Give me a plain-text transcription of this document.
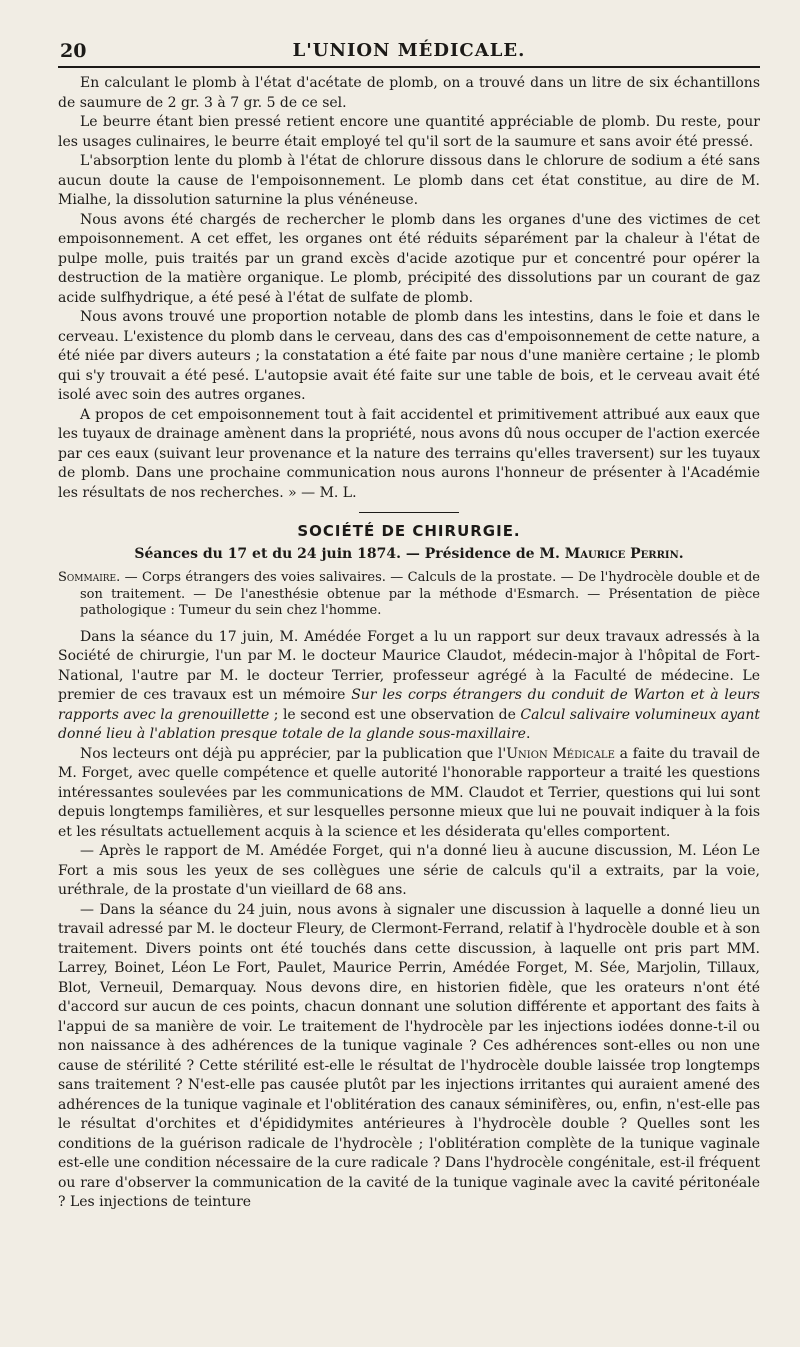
20	L'UNION MÉDICALE.

En calculant le plomb à l'état d'acétate de plomb, on a trouvé dans un litre de six échantillons de saumure de 2 gr. 3 à 7 gr. 5 de ce sel.

Le beurre étant bien pressé retient encore une quantité appréciable de plomb. Du reste, pour les usages culinaires, le beurre était employé tel qu'il sort de la saumure et sans avoir été pressé.

L'absorption lente du plomb à l'état de chlorure dissous dans le chlorure de sodium a été sans aucun doute la cause de l'empoisonnement. Le plomb dans cet état constitue, au dire de M. Mialhe, la dissolution saturnine la plus vénéneuse.

Nous avons été chargés de rechercher le plomb dans les organes d'une des victimes de cet empoisonnement. A cet effet, les organes ont été réduits séparément par la chaleur à l'état de pulpe molle, puis traités par un grand excès d'acide azotique pur et concentré pour opérer la destruction de la matière organique. Le plomb, précipité des dissolutions par un courant de gaz acide sulfhydrique, a été pesé à l'état de sulfate de plomb.

Nous avons trouvé une proportion notable de plomb dans les intestins, dans le foie et dans le cerveau. L'existence du plomb dans le cerveau, dans des cas d'empoisonnement de cette nature, a été niée par divers auteurs ; la constatation a été faite par nous d'une manière certaine ; le plomb qui s'y trouvait a été pesé. L'autopsie avait été faite sur une table de bois, et le cerveau avait été isolé avec soin des autres organes.

A propos de cet empoisonnement tout à fait accidentel et primitivement attribué aux eaux que les tuyaux de drainage amènent dans la propriété, nous avons dû nous occuper de l'action exercée par ces eaux (suivant leur provenance et la nature des terrains qu'elles traversent) sur les tuyaux de plomb. Dans une prochaine communication nous aurons l'honneur de présenter à l'Académie les résultats de nos recherches. » — M. L.

SOCIÉTÉ DE CHIRURGIE.
Séances du 17 et du 24 juin 1874. — Présidence de M. Maurice Perrin.

Sommaire. — Corps étrangers des voies salivaires. — Calculs de la prostate. — De l'hydrocèle double et de son traitement. — De l'anesthésie obtenue par la méthode d'Esmarch. — Présentation de pièce pathologique : Tumeur du sein chez l'homme.

Dans la séance du 17 juin, M. Amédée Forget a lu un rapport sur deux travaux adressés à la Société de chirurgie, l'un par M. le docteur Maurice Claudot, médecin-major à l'hôpital de Fort-National, l'autre par M. le docteur Terrier, professeur agrégé à la Faculté de médecine. Le premier de ces travaux est un mémoire Sur les corps étrangers du conduit de Warton et à leurs rapports avec la grenouillette ; le second est une observation de Calcul salivaire volumineux ayant donné lieu à l'ablation presque totale de la glande sous-maxillaire.

Nos lecteurs ont déjà pu apprécier, par la publication que l'Union Médicale a faite du travail de M. Forget, avec quelle compétence et quelle autorité l'honorable rapporteur a traité les questions intéressantes soulevées par les communications de MM. Claudot et Terrier, questions qui lui sont depuis longtemps familières, et sur lesquelles personne mieux que lui ne pouvait indiquer à la fois et les résultats actuellement acquis à la science et les désiderata qu'elles comportent.

— Après le rapport de M. Amédée Forget, qui n'a donné lieu à aucune discussion, M. Léon Le Fort a mis sous les yeux de ses collègues une série de calculs qu'il a extraits, par la voie, uréthrale, de la prostate d'un vieillard de 68 ans.

— Dans la séance du 24 juin, nous avons à signaler une discussion à laquelle a donné lieu un travail adressé par M. le docteur Fleury, de Clermont-Ferrand, relatif à l'hydrocèle double et à son traitement. Divers points ont été touchés dans cette discussion, à laquelle ont pris part MM. Larrey, Boinet, Léon Le Fort, Paulet, Maurice Perrin, Amédée Forget, M. Sée, Marjolin, Tillaux, Blot, Verneuil, Demarquay. Nous devons dire, en historien fidèle, que les orateurs n'ont été d'accord sur aucun de ces points, chacun donnant une solution différente et apportant des faits à l'appui de sa manière de voir. Le traitement de l'hydrocèle par les injections iodées donne-t-il ou non naissance à des adhérences de la tunique vaginale ? Ces adhérences sont-elles ou non une cause de stérilité ? Cette stérilité est-elle le résultat de l'hydrocèle double laissée trop longtemps sans traitement ? N'est-elle pas causée plutôt par les injections irritantes qui auraient amené des adhérences de la tunique vaginale et l'oblitération des canaux séminifères, ou, enfin, n'est-elle pas le résultat d'orchites et d'épididymites antérieures à l'hydrocèle double ? Quelles sont les conditions de la guérison radicale de l'hydrocèle ; l'oblitération complète de la tunique vaginale est-elle une condition nécessaire de la cure radicale ? Dans l'hydrocèle congénitale, est-il fréquent ou rare d'observer la communication de la cavité de la tunique vaginale avec la cavité péritonéale ? Les injections de teinture
